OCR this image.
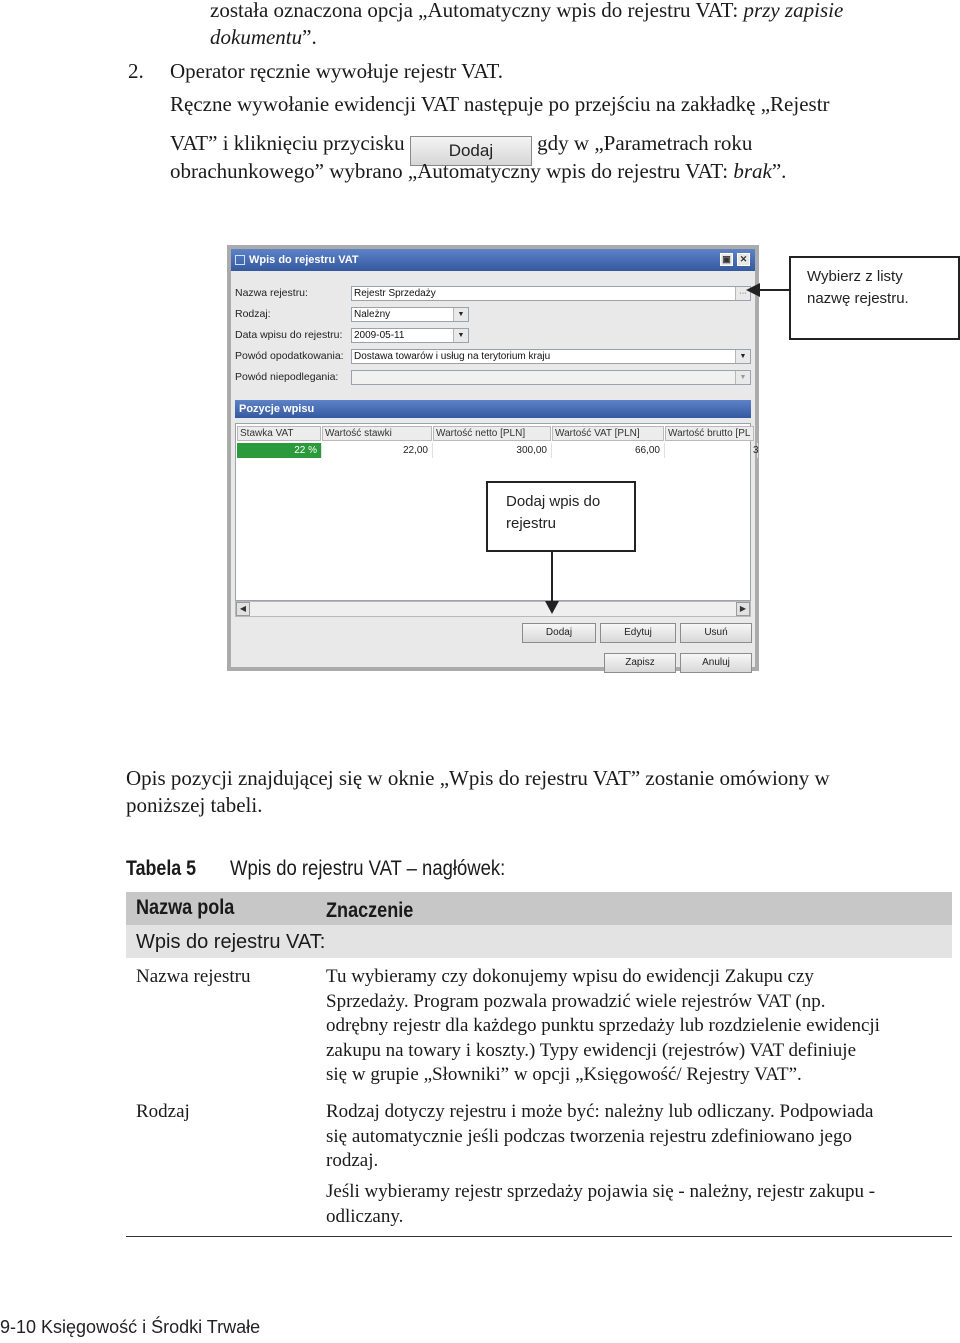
została oznaczona opcja „Automatyczny wpis do rejestru VAT: przy zapisie
dokumentu”.
2. Operator ręcznie wywołuje rejestr VAT.
Ręczne wywołanie ewidencji VAT następuje po przejściu na zakładkę „Rejestr
VAT” i kliknięciu przycisku	Dodaj gdy w „Parametrach roku
obrachunkowego” wybrano „Automatyczny wpis do rejestru VAT: brak”.
Wpis do rejestru VAT	▣ ✕
Nazwa rejestru:	Rejestr Sprzedaży	···
Rodzaj:	Należny	▼
Data wpisu do rejestru:	2009-05-11	▼
Powód opodatkowania:	Dostawa towarów i usług na terytorium kraju	▼
Powód niepodlegania:	▼
Pozycje wpisu
Stawka VAT	Wartość stawki	Wartość netto [PLN]	Wartość VAT [PLN]	Wartość brutto [PL
22 %	22,00	300,00	66,00	3
◀	▶
Dodaj	Edytuj	Usuń
Zapisz	Anuluj
Wybierz z listy
nazwę rejestru.
Dodaj wpis do
rejestru
Opis pozycji znajdującej się w oknie „Wpis do rejestru VAT” zostanie omówiony w
poniższej tabeli.
Tabela 5 Wpis do rejestru VAT – nagłówek:
Nazwa pola	Znaczenie
Wpis do rejestru VAT:
Nazwa rejestru	Tu wybieramy czy dokonujemy wpisu do ewidencji Zakupu czy
Sprzedaży. Program pozwala prowadzić wiele rejestrów VAT (np.
odrębny rejestr dla każdego punktu sprzedaży lub rozdzielenie ewidencji
zakupu na towary i koszty.) Typy ewidencji (rejestrów) VAT definiuje
się w grupie „Słowniki” w opcji „Księgowość/ Rejestry VAT”.
Rodzaj	Rodzaj dotyczy rejestru i może być: należny lub odliczany. Podpowiada
się automatycznie jeśli podczas tworzenia rejestru zdefiniowano jego
rodzaj.
Jeśli wybieramy rejestr sprzedaży pojawia się - należny, rejestr zakupu -
odliczany.
9-10 Księgowość i Środki Trwałe
